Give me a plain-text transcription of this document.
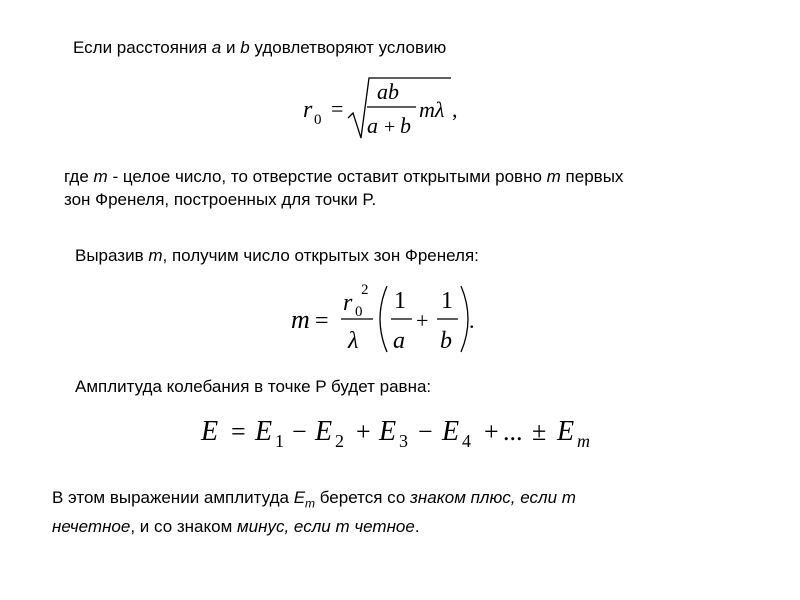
Если расстояния a и b удовлетворяют условию
r 0 =
ab
a + b
mλ ,
где m - целое число, то отверстие оставит открытыми ровно m первых
зон Френеля, построенных для точки P.
Выразив m, получим число открытых зон Френеля:
m =
r 0
2
λ
1
a
+
1
b
.
Амплитуда колебания в точке P будет равна:
E = E 1 − E 2 + E 3 − E 4 + ... ± E m
В этом выражении амплитуда $E_m$ берется со знаком плюс, если m
нечетное, и со знаком минус, если m четное.
